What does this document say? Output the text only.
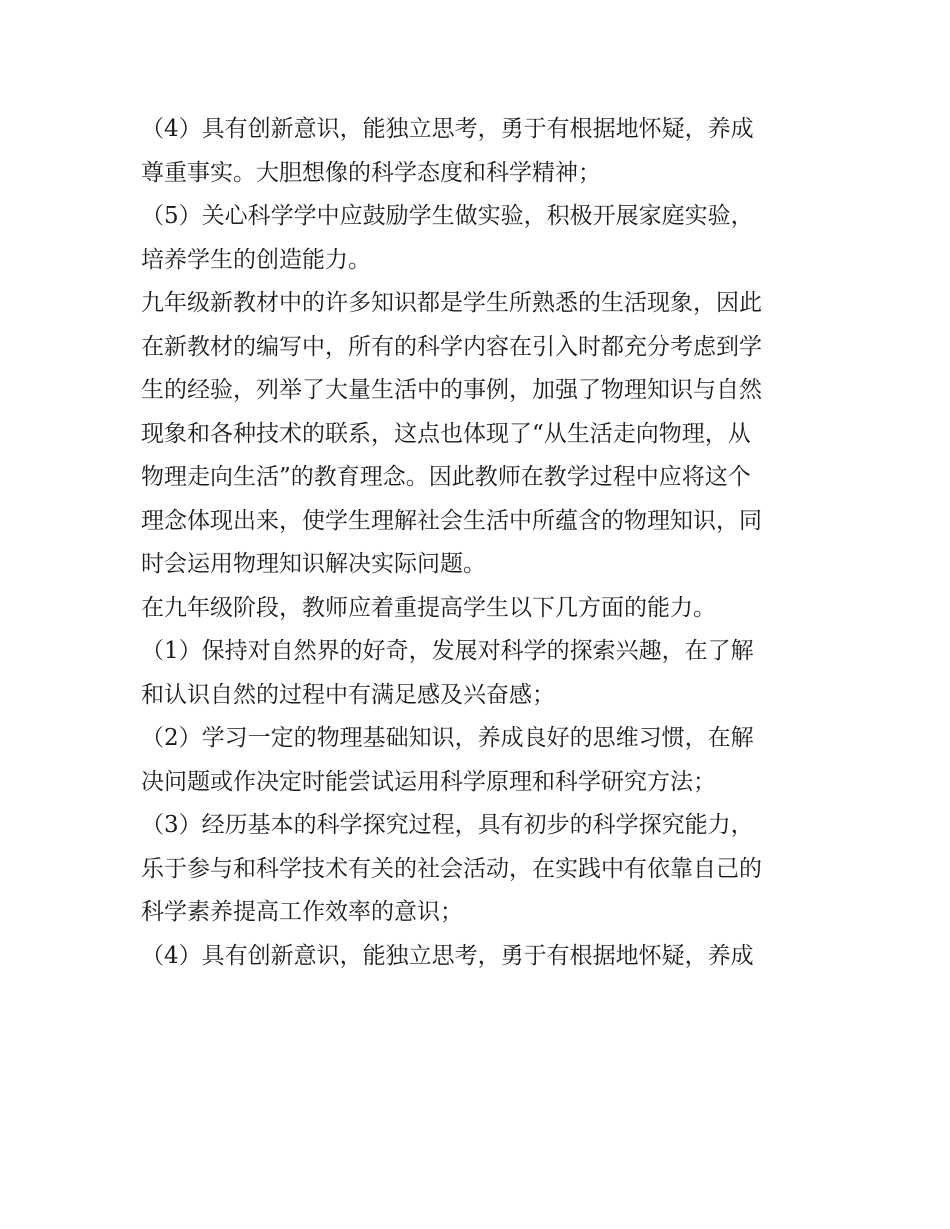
（4）具有创新意识，能独立思考，勇于有根据地怀疑，养成
尊重事实。大胆想像的科学态度和科学精神；
（5）关心科学学中应鼓励学生做实验，积极开展家庭实验，
培养学生的创造能力。
九年级新教材中的许多知识都是学生所熟悉的生活现象，因此
在新教材的编写中，所有的科学内容在引入时都充分考虑到学
生的经验，列举了大量生活中的事例，加强了物理知识与自然
现象和各种技术的联系，这点也体现了“从生活走向物理，从
物理走向生活”的教育理念。因此教师在教学过程中应将这个
理念体现出来，使学生理解社会生活中所蕴含的物理知识，同
时会运用物理知识解决实际问题。
在九年级阶段，教师应着重提高学生以下几方面的能力。
（1）保持对自然界的好奇，发展对科学的探索兴趣，在了解
和认识自然的过程中有满足感及兴奋感；
（2）学习一定的物理基础知识，养成良好的思维习惯，在解
决问题或作决定时能尝试运用科学原理和科学研究方法；
（3）经历基本的科学探究过程，具有初步的科学探究能力，
乐于参与和科学技术有关的社会活动，在实践中有依靠自己的
科学素养提高工作效率的意识；
（4）具有创新意识，能独立思考，勇于有根据地怀疑，养成
